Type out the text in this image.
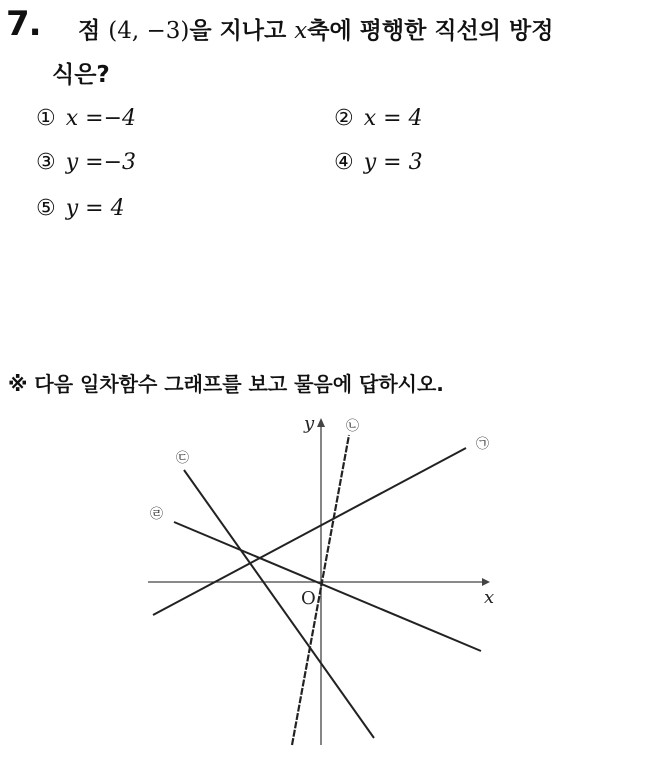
7. 점 (4, −3)을 지나고 x축에 평행한 직선의 방정
식은?
① x =−4	② x = 4
③ y =−3	④ y = 3
⑤ y = 4
※ 다음 일차함수 그래프를 보고 물음에 답하시오.
x
y
O
㉠
㉡
㉢
㉣
